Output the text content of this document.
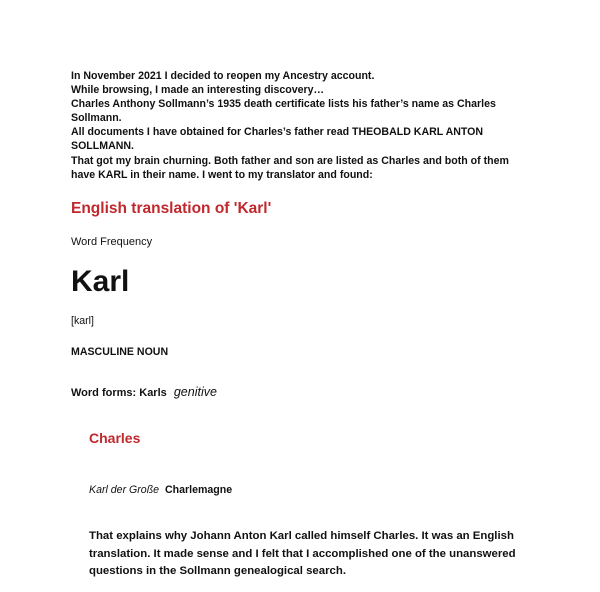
In November 2021 I decided to reopen my Ancestry account.

While browsing, I made an interesting discovery…

Charles Anthony Sollmann’s 1935 death certificate lists his father’s name as Charles

Sollmann.

All documents I have obtained for Charles’s father read THEOBALD KARL ANTON

SOLLMANN.

That got my brain churning. Both father and son are listed as Charles and both of them

have KARL in their name. I went to my translator and found:

English translation of 'Karl'
Word Frequency
Karl
[karl]
MASCULINE NOUN
Word forms: Karls genitive
Charles
Karl der Große Charlemagne

That explains why Johann Anton Karl called himself Charles. It was an English

translation. It made sense and I felt that I accomplished one of the unanswered

questions in the Sollmann genealogical search.
